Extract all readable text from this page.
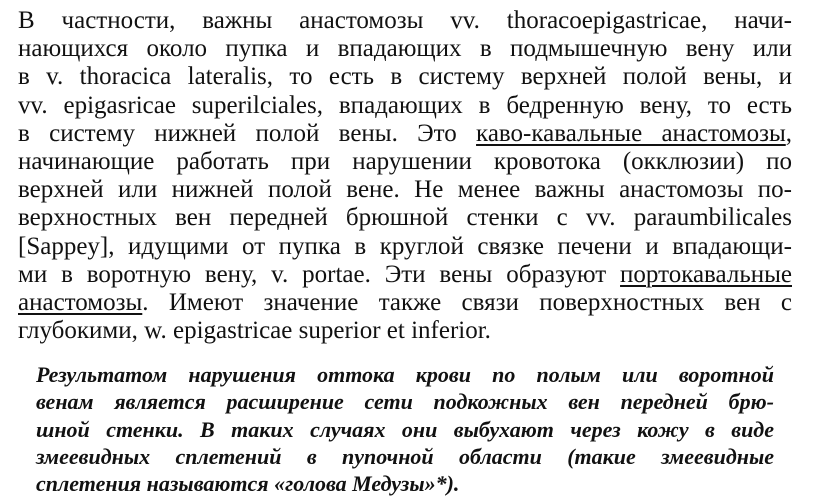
В частности, важны анастомозы vv. thoracoepigastricae, начи-
нающихся около пупка и впадающих в подмышечную вену или
в v. thoracica lateralis, то есть в систему верхней полой вены, и
vv. epigasricae superilciales, впадающих в бедренную вену, то есть
в систему нижней полой вены. Это каво-кавальные анастомозы,
начинающие работать при нарушении кровотока (окклюзии) по
верхней или нижней полой вене. Не менее важны анастомозы по-
верхностных вен передней брюшной стенки с vv. paraumbilicales
[Sappey], идущими от пупка в круглой связке печени и впадающи-
ми в воротную вену, v. portae. Эти вены образуют портокавальные
анастомозы. Имеют значение также связи поверхностных вен с
глубокими, w. epigastricae superior et inferior.
Результатом нарушения оттока крови по полым или воротной
венам является расширение сети подкожных вен передней брю-
шной стенки. В таких случаях они выбухают через кожу в виде
змеевидных сплетений в пупочной области (такие змеевидные
сплетения называются «голова Медузы»*).
